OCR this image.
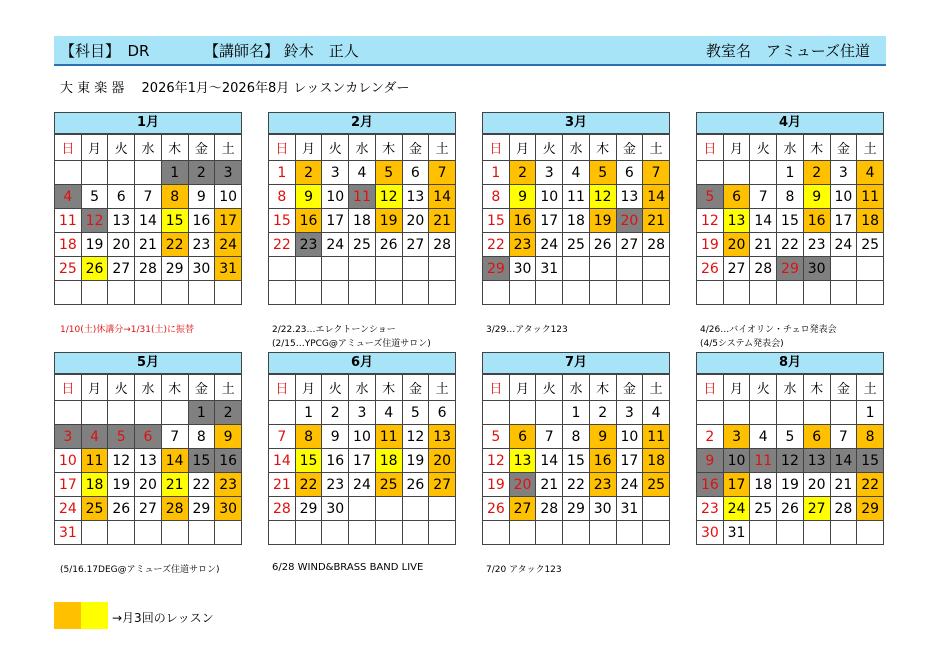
【科目】　DR	【講師名】 鈴木　正人	教室名　アミューズ住道
大 東 楽 器　 2026年1月～2026年8月 レッスンカレンダー
1月
日	月	火	水	木	金	土
				1	2	3
4	5	6	7	8	9	10
11	12	13	14	15	16	17
18	19	20	21	22	23	24
25	26	27	28	29	30	31

2月
日	月	火	水	木	金	土
1	2	3	4	5	6	7
8	9	10	11	12	13	14
15	16	17	18	19	20	21
22	23	24	25	26	27	28

3月
日	月	火	水	木	金	土
1	2	3	4	5	6	7
8	9	10	11	12	13	14
15	16	17	18	19	20	21
22	23	24	25	26	27	28
29	30	31				

4月
日	月	火	水	木	金	土
			1	2	3	4
5	6	7	8	9	10	11
12	13	14	15	16	17	18
19	20	21	22	23	24	25
26	27	28	29	30		

5月
日	月	火	水	木	金	土
					1	2
3	4	5	6	7	8	9
10	11	12	13	14	15	16
17	18	19	20	21	22	23
24	25	26	27	28	29	30
31						
6月
日	月	火	水	木	金	土
	1	2	3	4	5	6
7	8	9	10	11	12	13
14	15	16	17	18	19	20
21	22	23	24	25	26	27
28	29	30				

7月
日	月	火	水	木	金	土
			1	2	3	4
5	6	7	8	9	10	11
12	13	14	15	16	17	18
19	20	21	22	23	24	25
26	27	28	29	30	31	

8月
日	月	火	水	木	金	土
						1
2	3	4	5	6	7	8
9	10	11	12	13	14	15
16	17	18	19	20	21	22
23	24	25	26	27	28	29
30	31					
1/10(土)休講分→1/31(土)に振替	2/22.23…エレクトーンショー
(2/15…YPCG@アミューズ住道サロン)
3/29…アタック123	4/26…バイオリン・チェロ発表会
(4/5システム発表会)
(5/16.17DEG@アミューズ住道サロン)	6/28 WIND&BRASS BAND LIVE	7/20 アタック123
→月3回のレッスン
